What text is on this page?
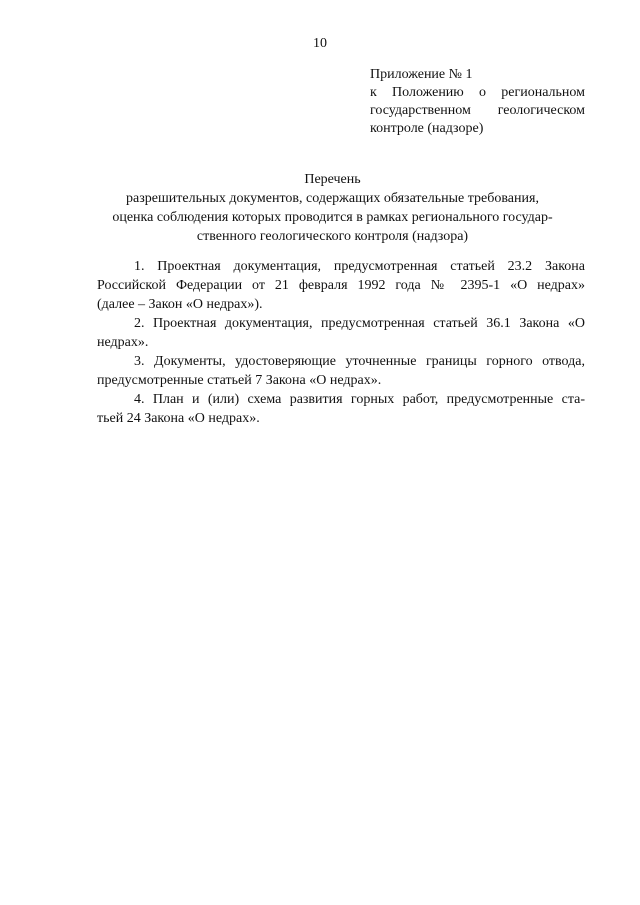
10
Приложение № 1
к Положению о региональном
государственном геологическом
контроле (надзоре)
Перечень
разрешительных документов, содержащих обязательные требования,
оценка соблюдения которых проводится в рамках регионального государ-
ственного геологического контроля (надзора)
1. Проектная документация, предусмотренная статьей 23.2 Закона
Российской Федерации от 21 февраля 1992 года № 2395-1 «О недрах»
(далее – Закон «О недрах»).
2. Проектная документация, предусмотренная статьей 36.1 Закона «О
недрах».
3. Документы, удостоверяющие уточненные границы горного отвода,
предусмотренные статьей 7 Закона «О недрах».
4. План и (или) схема развития горных работ, предусмотренные ста-
тьей 24 Закона «О недрах».
